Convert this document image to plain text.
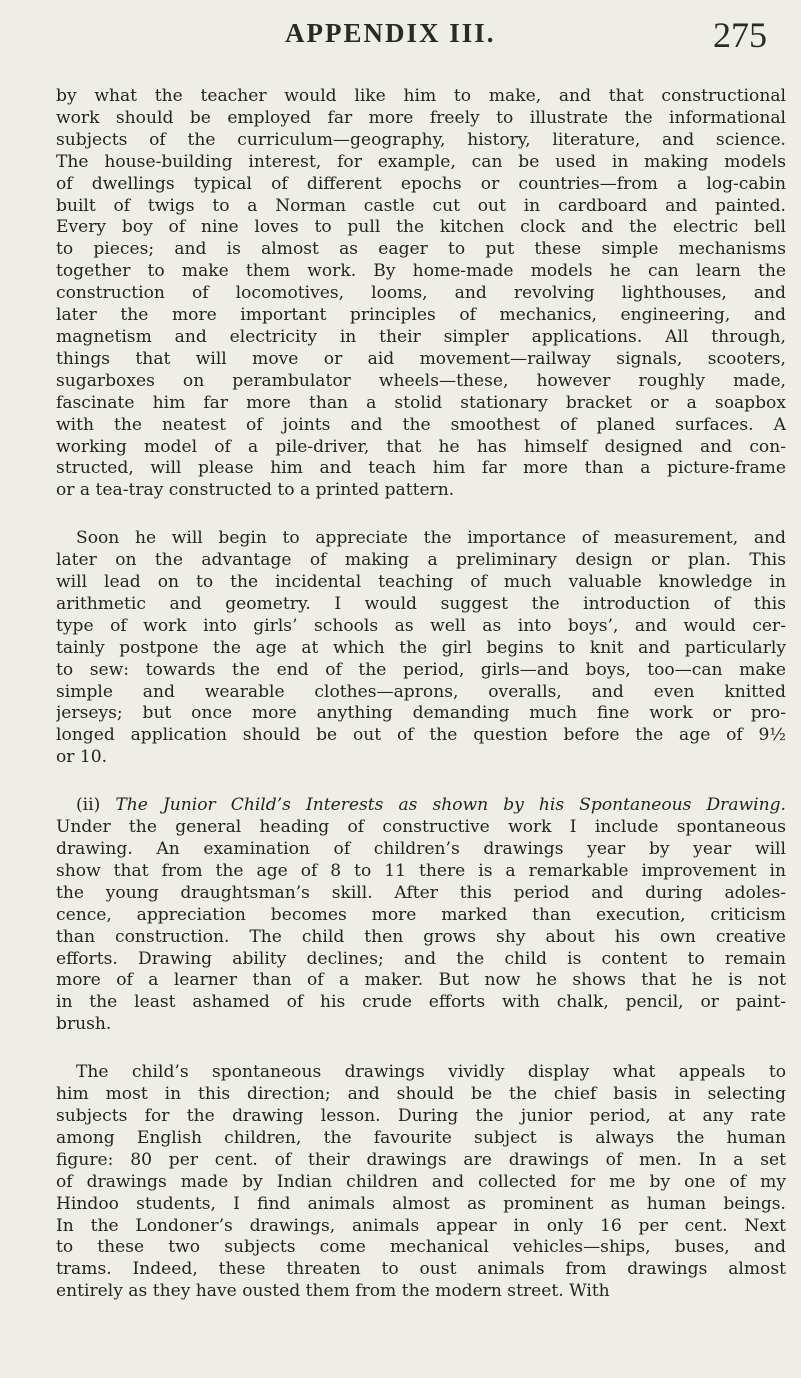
APPENDIX III.	275
by what the teacher would like him to make, and that constructional
work should be employed far more freely to illustrate the informational
subjects of the curriculum—geography, history, literature, and science.
The house-building interest, for example, can be used in making models
of dwellings typical of different epochs or countries—from a log-cabin
built of twigs to a Norman castle cut out in cardboard and painted.
Every boy of nine loves to pull the kitchen clock and the electric bell
to pieces; and is almost as eager to put these simple mechanisms
together to make them work. By home-made models he can learn the
construction of locomotives, looms, and revolving lighthouses, and
later the more important principles of mechanics, engineering, and
magnetism and electricity in their simpler applications. All through,
things that will move or aid movement—railway signals, scooters,
sugarboxes on perambulator wheels—these, however roughly made,
fascinate him far more than a stolid stationary bracket or a soapbox
with the neatest of joints and the smoothest of planed surfaces. A
working model of a pile-driver, that he has himself designed and con-
structed, will please him and teach him far more than a picture-frame
or a tea-tray constructed to a printed pattern.
Soon he will begin to appreciate the importance of measurement, and
later on the advantage of making a preliminary design or plan. This
will lead on to the incidental teaching of much valuable knowledge in
arithmetic and geometry. I would suggest the introduction of this
type of work into girls’ schools as well as into boys’, and would cer-
tainly postpone the age at which the girl begins to knit and particularly
to sew: towards the end of the period, girls—and boys, too—can make
simple and wearable clothes—aprons, overalls, and even knitted
jerseys; but once more anything demanding much fine work or pro-
longed application should be out of the question before the age of 9½
or 10.
(ii) The Junior Child’s Interests as shown by his Spontaneous Drawing.
Under the general heading of constructive work I include spontaneous
drawing. An examination of children’s drawings year by year will
show that from the age of 8 to 11 there is a remarkable improvement in
the young draughtsman’s skill. After this period and during adoles-
cence, appreciation becomes more marked than execution, criticism
than construction. The child then grows shy about his own creative
efforts. Drawing ability declines; and the child is content to remain
more of a learner than of a maker. But now he shows that he is not
in the least ashamed of his crude efforts with chalk, pencil, or paint-
brush.
The child’s spontaneous drawings vividly display what appeals to
him most in this direction; and should be the chief basis in selecting
subjects for the drawing lesson. During the junior period, at any rate
among English children, the favourite subject is always the human
figure: 80 per cent. of their drawings are drawings of men. In a set
of drawings made by Indian children and collected for me by one of my
Hindoo students, I find animals almost as prominent as human beings.
In the Londoner’s drawings, animals appear in only 16 per cent. Next
to these two subjects come mechanical vehicles—ships, buses, and
trams. Indeed, these threaten to oust animals from drawings almost
entirely as they have ousted them from the modern street. With
